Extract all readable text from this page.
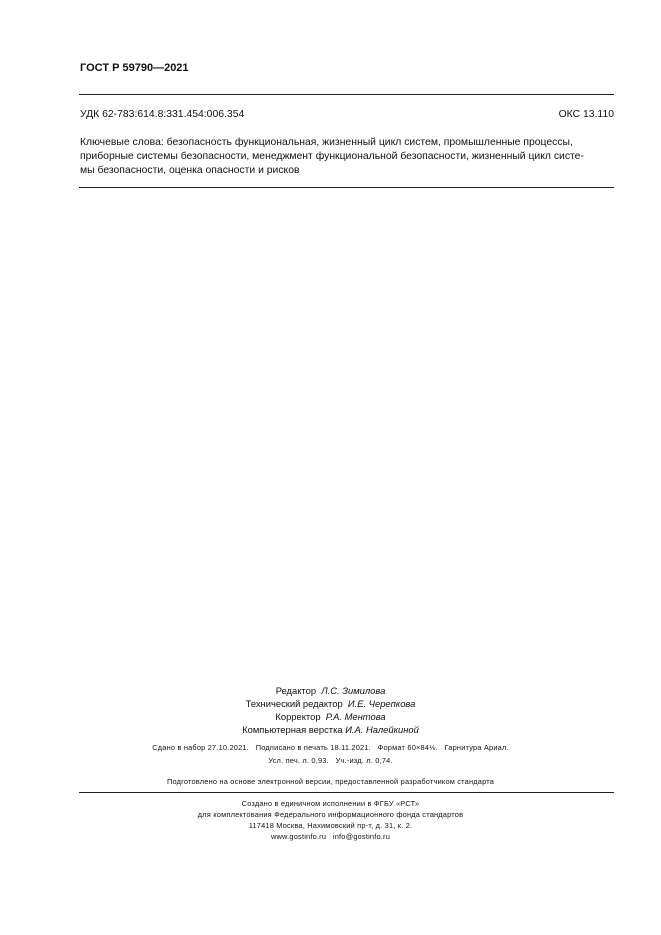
ГОСТ Р 59790—2021
УДК 62-783:614.8:331.454:006.354	ОКС 13.110
Ключевые слова: безопасность функциональная, жизненный цикл систем, промышленные процессы,
приборные системы безопасности, менеджмент функциональной безопасности, жизненный цикл систе-
мы безопасности, оценка опасности и рисков
Редактор Л.С. Зимилова
Технический редактор И.Е. Черепкова
Корректор Р.А. Ментова
Компьютерная верстка И.А. Налейкиной
Сдано в набор 27.10.2021.   Подписано в печать 18.11.2021.   Формат 60×84⅛.   Гарнитура Ариал.
Усл. печ. л. 0,93.   Уч.-изд. л. 0,74.
Подготовлено на основе электронной версии, предоставленной разработчиком стандарта
Создано в единичном исполнении в ФГБУ «РСТ»
для комплектования Федерального информационного фонда стандартов
117418 Москва, Нахимовский пр-т, д. 31, к. 2.
www.gostinfo.ru   info@gostinfo.ru
